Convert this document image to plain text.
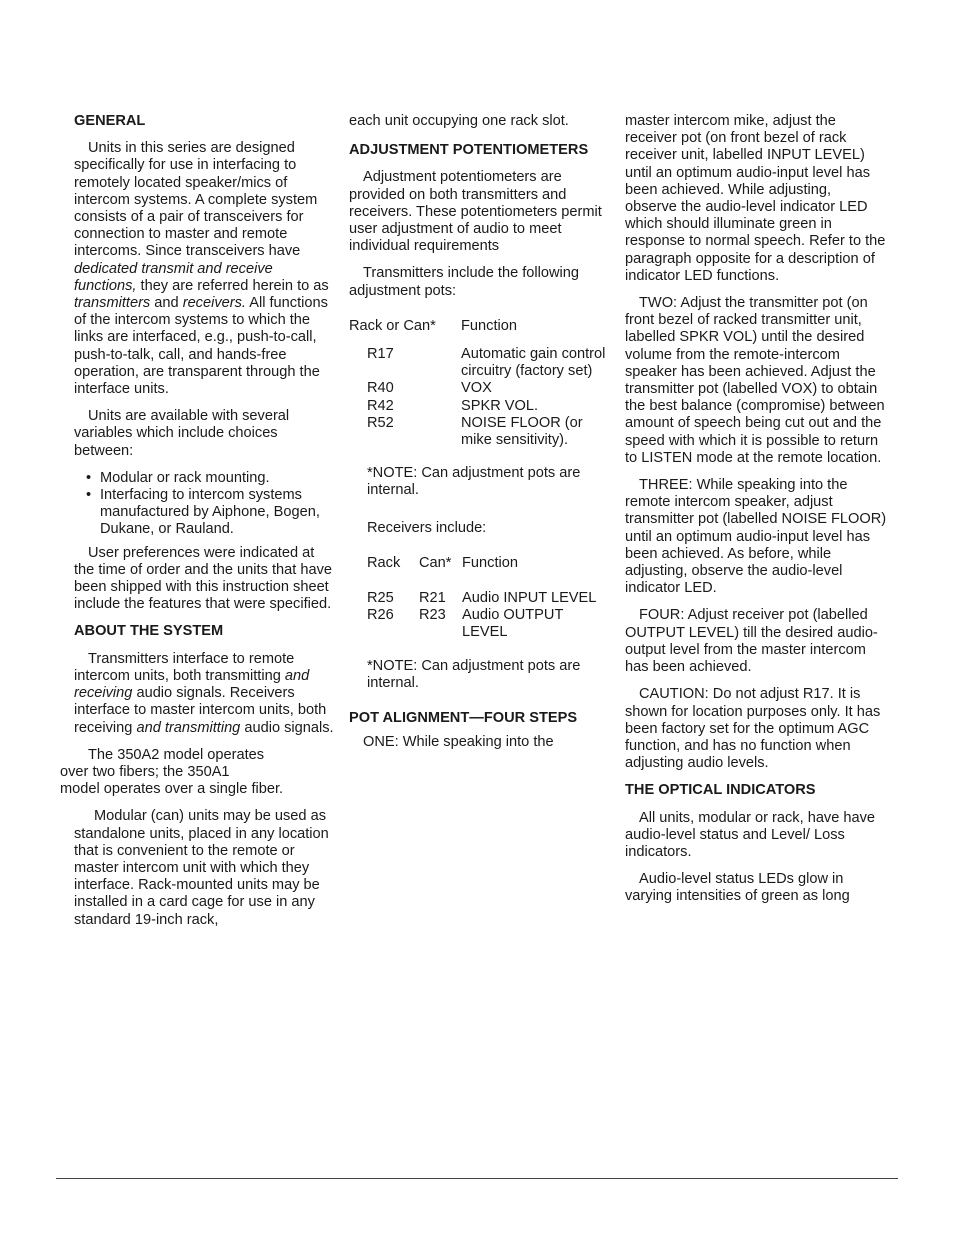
GENERAL

Units in this series are designed specifically for use in interfacing to remotely located speaker/mics of intercom systems. A complete system consists of a pair of transceivers for connection to master and remote intercoms. Since transceivers have dedicated transmit and receive functions, they are referred herein to as transmitters and receivers. All functions of the intercom systems to which the links are interfaced, e.g., push-to-call, push-to-talk, call, and hands-free operation, are transparent through the interface units.

Units are available with several variables which include choices between:

• Modular or rack mounting.
• Interfacing to intercom systems manufactured by Aiphone, Bogen, Dukane, or Rauland.

User preferences were indicated at the time of order and the units that have been shipped with this instruction sheet include the features that were specified.

ABOUT THE SYSTEM

Transmitters interface to remote intercom units, both transmitting and receiving audio signals. Receivers interface to master intercom units, both receiving and transmitting audio signals.

The 350A2 model operates
over two fibers; the 350A1
model operates over a single fiber.

Modular (can) units may be used as standalone units, placed in any location that is convenient to the remote or master intercom unit with which they interface. Rack-mounted units may be installed in a card cage for use in any standard 19-inch rack,

each unit occupying one rack slot.

ADJUSTMENT POTENTIOMETERS

Adjustment potentiometers are provided on both transmitters and receivers. These potentiometers permit user adjustment of audio to meet individual requirements

Transmitters include the following adjustment pots:

Rack or Can*	Function
R17	Automatic gain control circuitry (factory set)
R40	VOX
R42	SPKR VOL.
R52	NOISE FLOOR (or mike sensitivity).

*NOTE: Can adjustment pots are internal.

Receivers include:

Rack	Can* Function
R25	R21	Audio INPUT LEVEL
R26	R23	Audio OUTPUT LEVEL

*NOTE: Can adjustment pots are internal.

POT ALIGNMENT—FOUR STEPS

ONE: While speaking into the

master intercom mike, adjust the receiver pot (on front bezel of rack receiver unit, labelled INPUT LEVEL) until an optimum audio-input level has been achieved. While adjusting, observe the audio-level indicator LED which should illuminate green in response to normal speech. Refer to the paragraph opposite for a description of indicator LED functions.

TWO: Adjust the transmitter pot (on front bezel of racked transmitter unit, labelled SPKR VOL) until the desired volume from the remote-intercom speaker has been achieved. Adjust the transmitter pot (labelled VOX) to obtain the best balance (compromise) between amount of speech being cut out and the speed with which it is possible to return to LISTEN mode at the remote location.

THREE: While speaking into the remote intercom speaker, adjust transmitter pot (labelled NOISE FLOOR) until an optimum audio-input level has been achieved. As before, while adjusting, observe the audio-level indicator LED.

FOUR: Adjust receiver pot (labelled OUTPUT LEVEL) till the desired audio-output level from the master intercom has been achieved.

CAUTION: Do not adjust R17. It is shown for location purposes only. It has been factory set for the optimum AGC function, and has no function when adjusting audio levels.

THE OPTICAL INDICATORS

All units, modular or rack, have have audio-level status and Level/ Loss indicators.

Audio-level status LEDs glow in varying intensities of green as long
